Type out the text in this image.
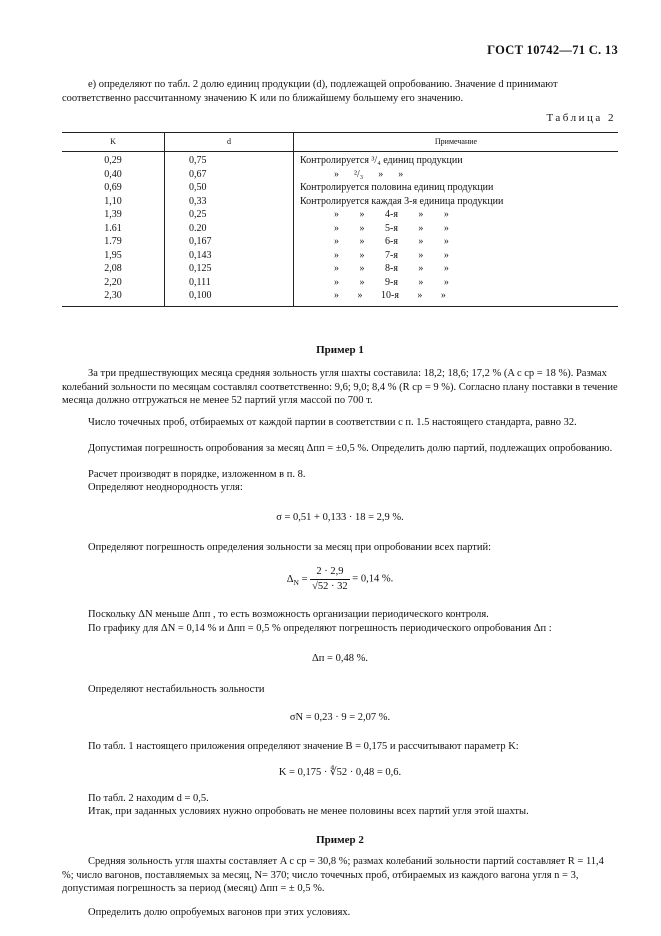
ГОСТ 10742—71 С. 13

е) определяют по табл. 2 долю единиц продукции (d), подлежащей опробованию. Значение d принимают соответственно рассчитанному значению K или по ближайшему большему его значению.

Таблица 2
K	d	Примечание
0,29	0,75	Контролируется ³/₄ единиц продукции
0,40	0,67	»      ²/₃      »      »
0,69	0,50	Контролируется половина единиц продукции
1,10	0,33	Контролируется каждая 3-я единица продукции
1,39	0,25	» » 4-я » »
1.61	0.20	» » 5-я » »
1.79	0,167	» » 6-я » »
1,95	0,143	» » 7-я » »
2,08	0,125	» » 8-я » »
2,20	0,111	» » 9-я » »
2,30	0,100	» » 10-я » »
Пример 1

За три предшествующих месяца средняя зольность угля шахты составила: 18,2; 18,6; 17,2 % (A c ср = 18 %). Размах колебаний зольности по месяцам составлял соответственно: 9,6; 9,0; 8,4 % (R ср = 9 %). Согласно плану поставки в течение месяца должно отгружаться не менее 52 партий угля массой по 700 т.

Число точечных проб, отбираемых от каждой партии в соответствии с п. 1.5 настоящего стандарта, равно 32.

Допустимая погрешность опробования за месяц Δпп = ±0,5 %. Определить долю партий, подлежащих опробованию.

Расчет производят в порядке, изложенном в п. 8.

Определяют неоднородность угля:

σ = 0,51 + 0,133 · 18 = 2,9 %.

Определяют погрешность определения зольности за месяц при опробовании всех партий:

$\Delta_N = \frac{2 \cdot 2,9}{√52 \cdot 32} = 0,14$ %.

Поскольку ΔN меньше Δпп , то есть возможность организации периодического контроля.

По графику для ΔN = 0,14 % и Δпп = 0,5 % определяют погрешность периодического опробования Δп :

Δп = 0,48 %.

Определяют нестабильность зольности

σN = 0,23 · 9 = 2,07 %.

По табл. 1 настоящего приложения определяют значение B = 0,175 и рассчитывают параметр K:

K = 0,175 · ∜52 · 0,48 = 0,6.

По табл. 2 находим d = 0,5.

Итак, при заданных условиях нужно опробовать не менее половины всех партий угля этой шахты.

Пример 2

Средняя зольность угля шахты составляет A c ср = 30,8 %; размах колебаний зольности партий составляет R = 11,4 %; число вагонов, поставляемых за месяц, N= 370; число точечных проб, отбираемых из каждого вагона угля n = 3, допустимая погрешность за период (месяц) Δпп = ± 0,5 %.

Определить долю опробуемых вагонов при этих условиях.
